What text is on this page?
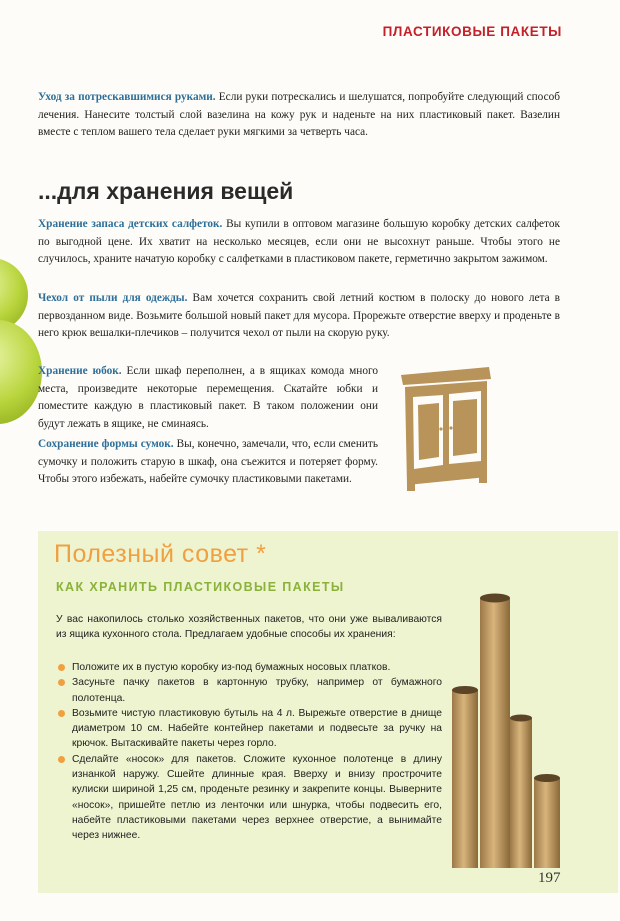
ПЛАСТИКОВЫЕ ПАКЕТЫ

Уход за потрескавшимися руками. Если руки потрескались и шелушатся, попробуйте следующий способ лечения. Нанесите толстый слой вазелина на кожу рук и наденьте на них пластиковый пакет. Вазелин вместе с теплом вашего тела сделает руки мягкими за четверть часа.

...для хранения вещей

Хранение запаса детских салфеток. Вы купили в оптовом магазине большую коробку детских салфеток по выгодной цене. Их хватит на несколько месяцев, если они не высохнут раньше. Чтобы этого не случилось, храните начатую коробку с салфетками в пластиковом пакете, герметично закрытом зажимом.

Чехол от пыли для одежды. Вам хочется сохранить свой летний костюм в полоску до нового лета в первозданном виде. Возьмите большой новый пакет для мусора. Прорежьте отверстие вверху и проденьте в него крюк вешалки-плечиков – получится чехол от пыли на скорую руку.

Хранение юбок. Если шкаф переполнен, а в ящиках комода много места, произведите некоторые перемещения. Скатайте юбки и поместите каждую в пластиковый пакет. В таком положении они будут лежать в ящике, не сминаясь.

Сохранение формы сумок. Вы, конечно, замечали, что, если сменить сумочку и положить старую в шкаф, она съежится и потеряет форму. Чтобы этого избежать, набейте сумочку пластиковыми пакетами.

Полезный совет *
КАК ХРАНИТЬ ПЛАСТИКОВЫЕ ПАКЕТЫ

У вас накопилось столько хозяйственных пакетов, что они уже вываливаются из ящика кухонного стола. Предлагаем удобные способы их хранения:

Положите их в пустую коробку из-под бумажных носовых платков.
Засуньте пачку пакетов в картонную трубку, например от бумажного полотенца.
Возьмите чистую пластиковую бутыль на 4 л. Вырежьте отверстие в днище диаметром 10 см. Набейте контейнер пакетами и подвесьте за ручку на крючок. Вытаскивайте пакеты через горло.
Сделайте «носок» для пакетов. Сложите кухонное полотенце в длину изнанкой наружу. Сшейте длинные края. Вверху и внизу прострочите кулиски шириной 1,25 см, проденьте резинку и закрепите концы. Выверните «носок», пришейте петлю из ленточки или шнурка, чтобы подвесить его, набейте пластиковыми пакетами через верхнее отверстие, а вынимайте через нижнее.
197
